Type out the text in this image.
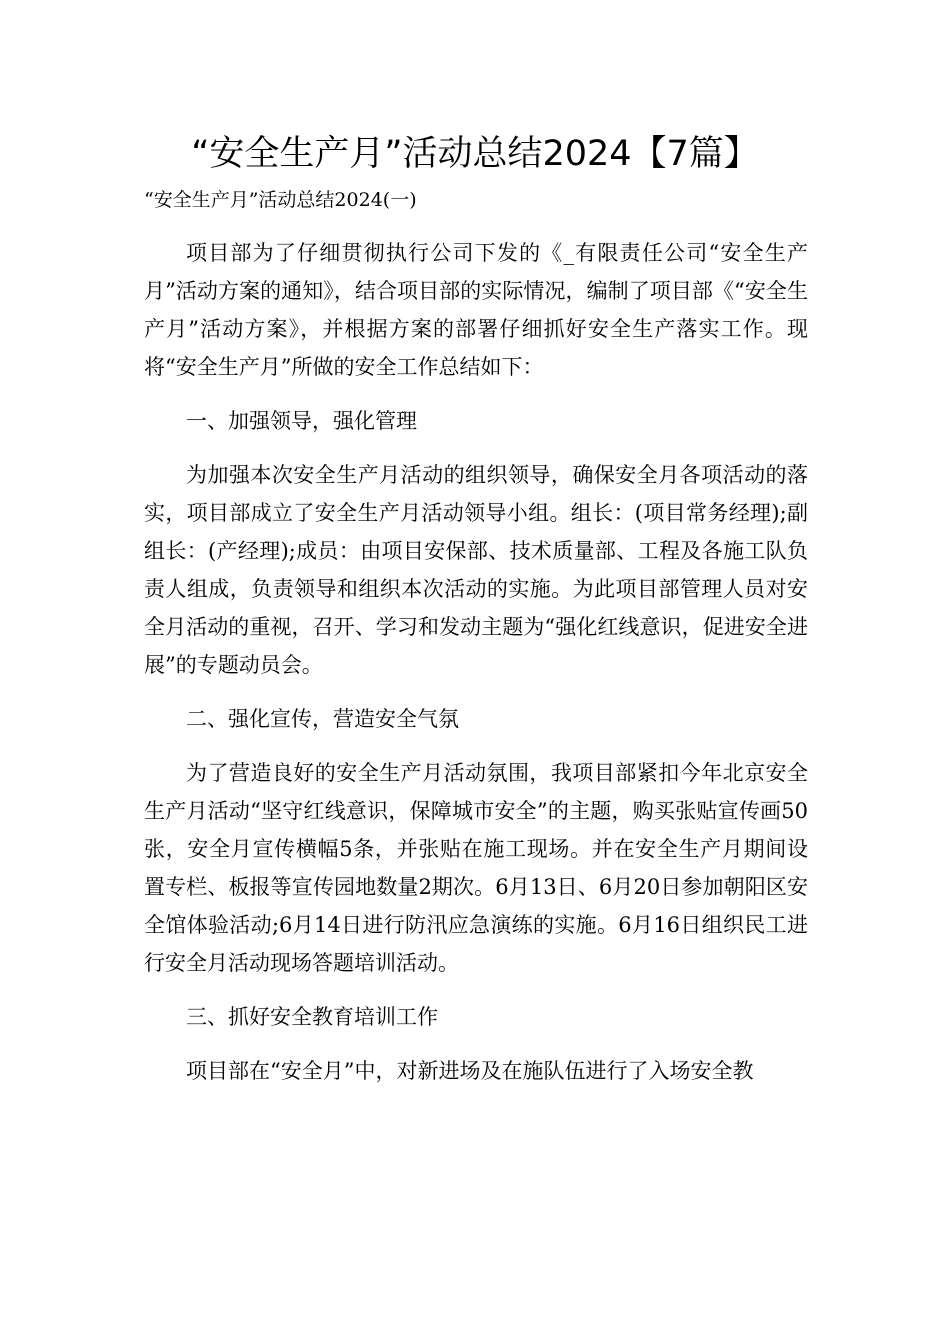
“安全生产月”活动总结2024【7篇】
“安全生产月”活动总结2024(一)

项目部为了仔细贯彻执行公司下发的《_有限责任公司“安全生产月”活动方案的通知》，结合项目部的实际情况，编制了项目部《“安全生产月”活动方案》，并根据方案的部署仔细抓好安全生产落实工作。现将“安全生产月”所做的安全工作总结如下：

一、加强领导，强化管理

为加强本次安全生产月活动的组织领导，确保安全月各项活动的落实，项目部成立了安全生产月活动领导小组。组长：(项目常务经理);副组长：(产经理);成员：由项目安保部、技术质量部、工程及各施工队负责人组成，负责领导和组织本次活动的实施。为此项目部管理人员对安全月活动的重视，召开、学习和发动主题为“强化红线意识，促进安全进展”的专题动员会。

二、强化宣传，营造安全气氛

为了营造良好的安全生产月活动氛围，我项目部紧扣今年北京安全生产月活动“坚守红线意识，保障城市安全”的主题，购买张贴宣传画50张，安全月宣传横幅5条，并张贴在施工现场。并在安全生产月期间设置专栏、板报等宣传园地数量2期次。6月13日、6月20日参加朝阳区安全馆体验活动;6月14日进行防汛应急演练的实施。6月16日组织民工进行安全月活动现场答题培训活动。

三、抓好安全教育培训工作

项目部在“安全月”中，对新进场及在施队伍进行了入场安全教
